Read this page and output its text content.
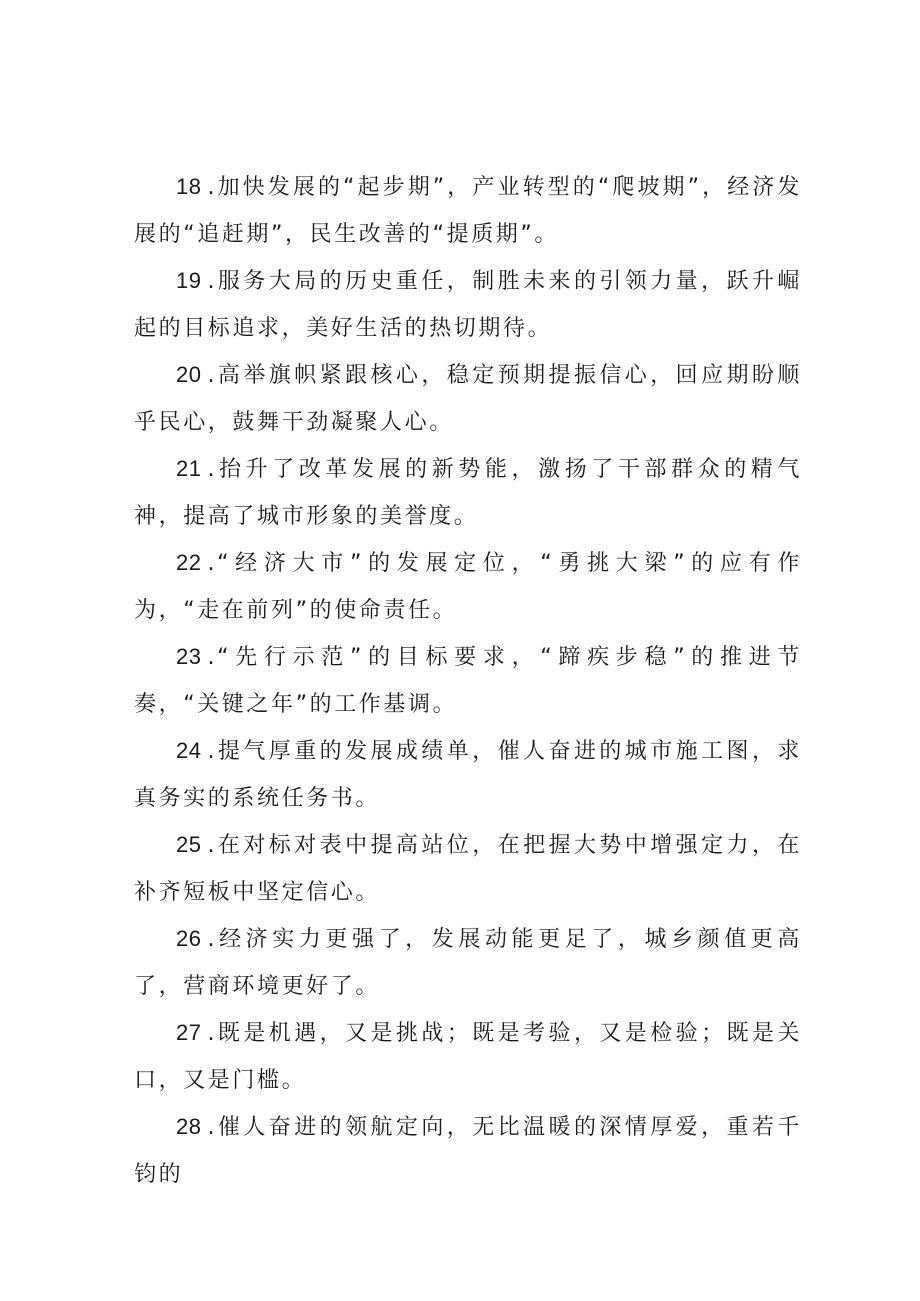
18 .加快发展的“起步期”，产业转型的“爬坡期”，经济发展的“追赶期”，民生改善的“提质期”。

19 .服务大局的历史重任，制胜未来的引领力量，跃升崛起的目标追求，美好生活的热切期待。

20 .高举旗帜紧跟核心，稳定预期提振信心，回应期盼顺乎民心，鼓舞干劲凝聚人心。

21 .抬升了改革发展的新势能，激扬了干部群众的精气神，提高了城市形象的美誉度。

22 .“经济大市”的发展定位，“勇挑大梁”的应有作为，“走在前列”的使命责任。

23 .“先行示范”的目标要求，“蹄疾步稳”的推进节奏，“关键之年”的工作基调。

24 .提气厚重的发展成绩单，催人奋进的城市施工图，求真务实的系统任务书。

25 .在对标对表中提高站位，在把握大势中增强定力，在补齐短板中坚定信心。

26 .经济实力更强了，发展动能更足了，城乡颜值更高了，营商环境更好了。

27 .既是机遇，又是挑战；既是考验，又是检验；既是关口，又是门槛。

28 .催人奋进的领航定向，无比温暖的深情厚爱，重若千钧的
